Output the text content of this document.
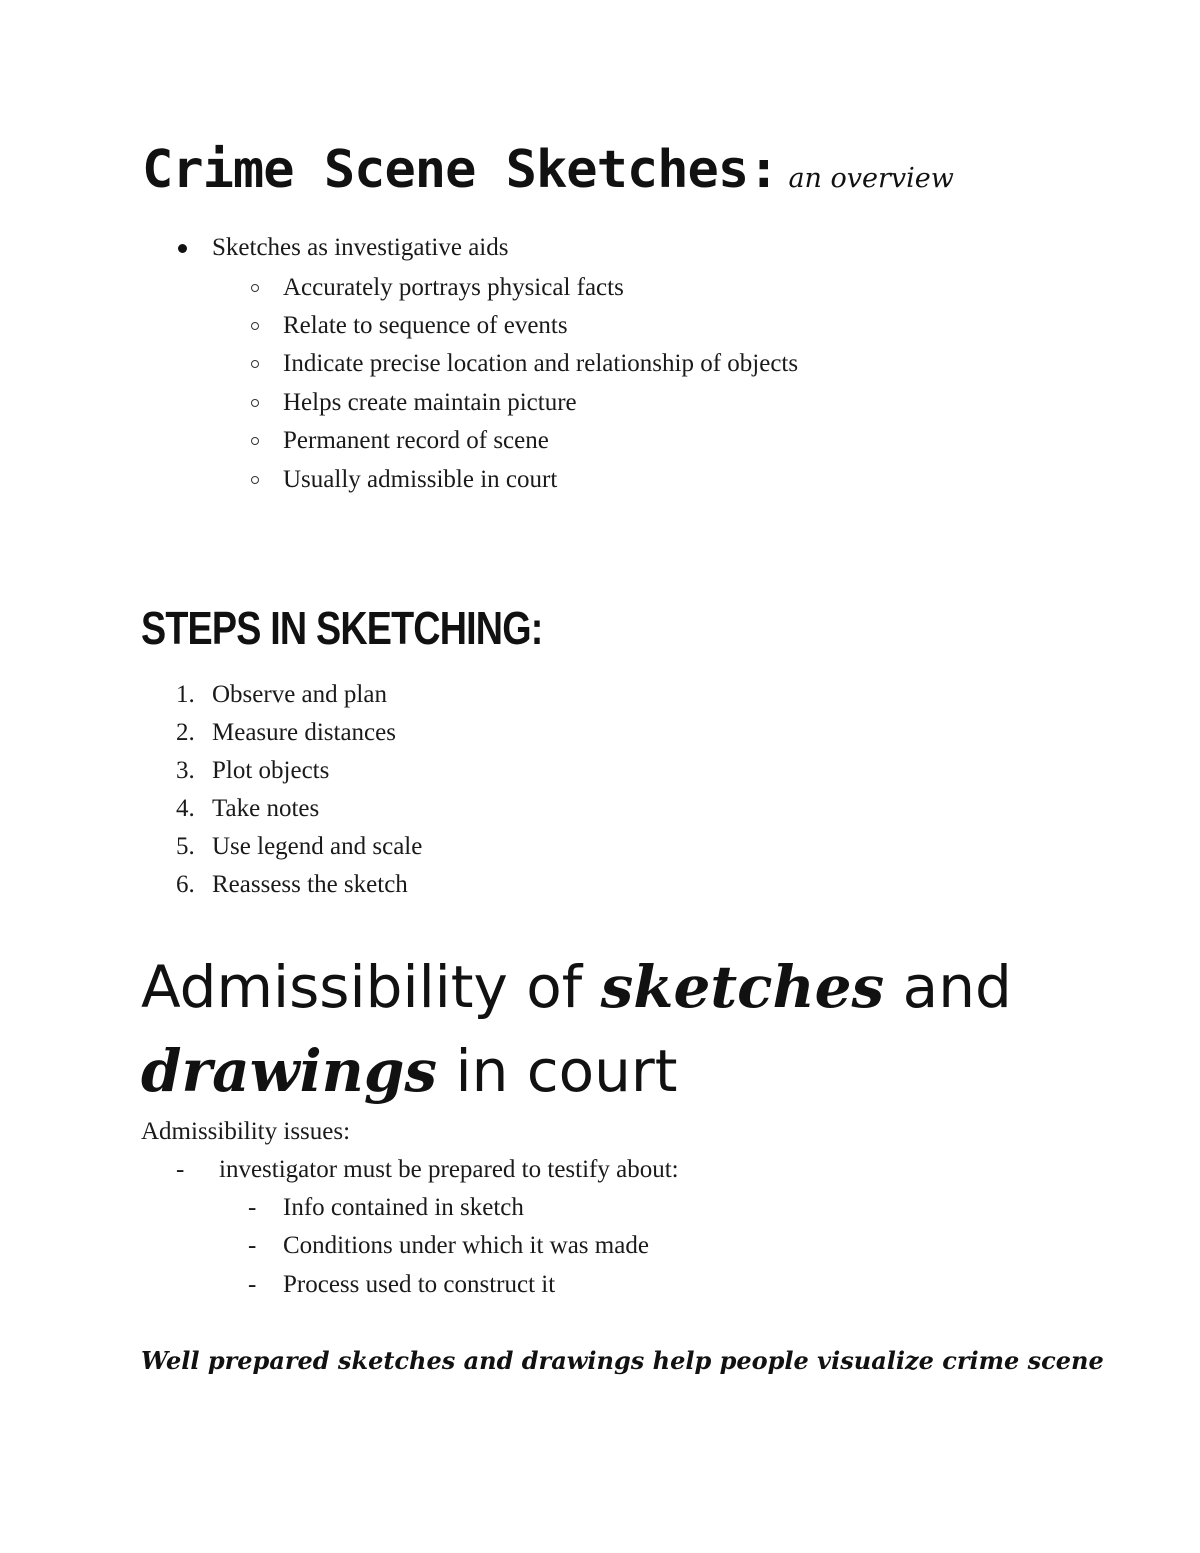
Crime Scene Sketches: an overview
Sketches as investigative aids
Accurately portrays physical facts
Relate to sequence of events
Indicate precise location and relationship of objects
Helps create maintain picture
Permanent record of scene
Usually admissible in court
STEPS IN SKETCHING:
1. Observe and plan
2. Measure distances
3. Plot objects
4. Take notes
5. Use legend and scale
6. Reassess the sketch
Admissibility of sketches and
drawings in court
Admissibility issues:
- investigator must be prepared to testify about:
- Info contained in sketch
- Conditions under which it was made
- Process used to construct it
Well prepared sketches and drawings help people visualize crime scene
